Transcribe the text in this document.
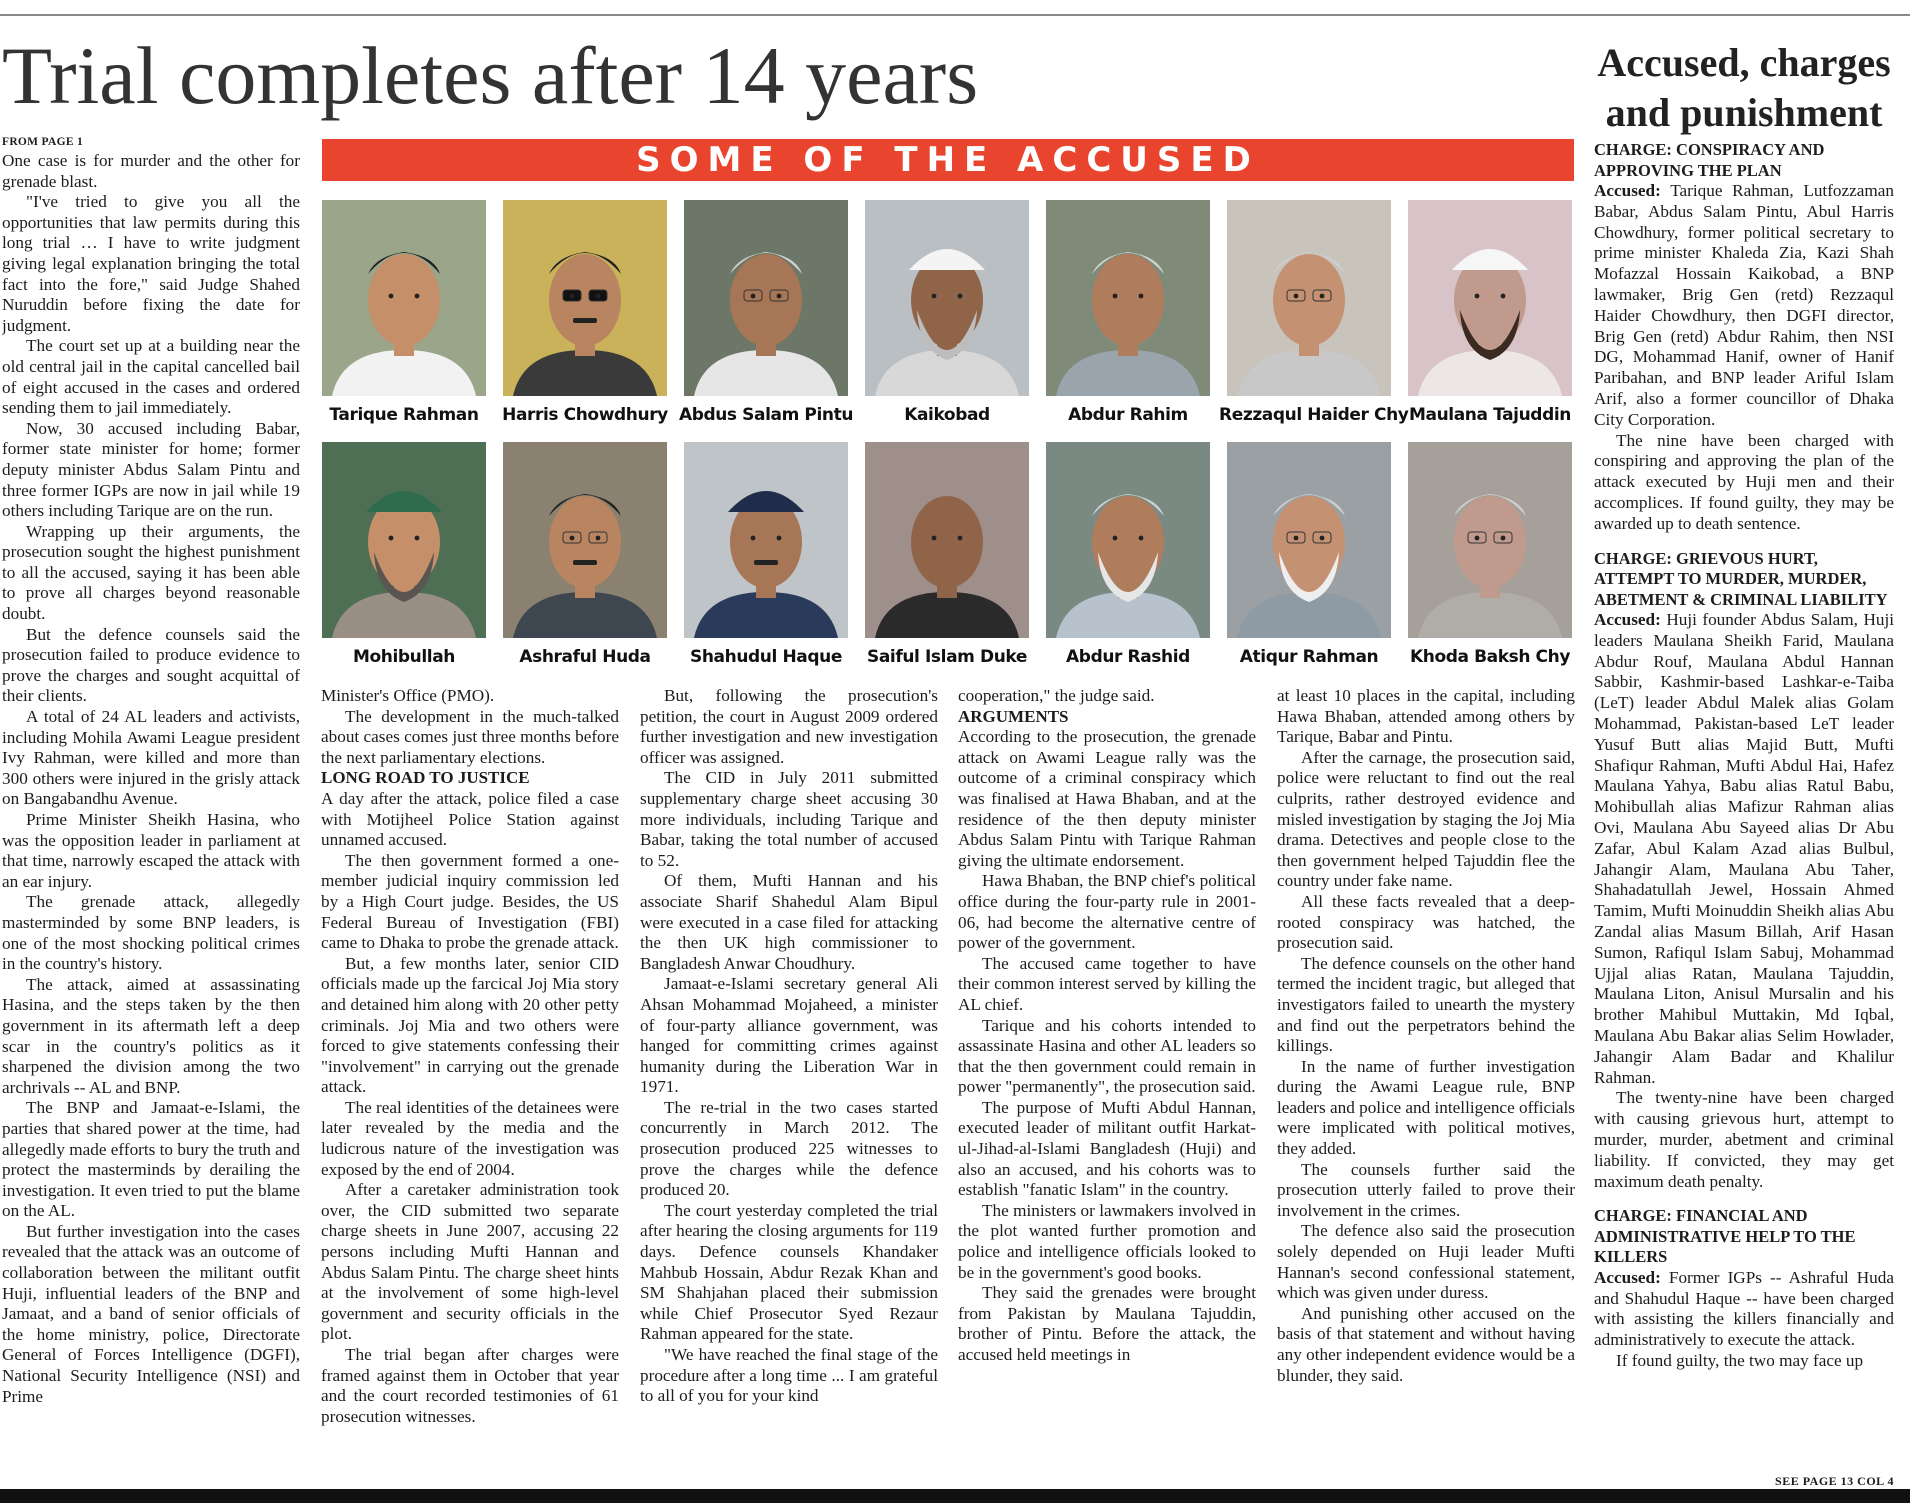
Trial completes after 14 years
FROM PAGE 1

One case is for murder and the other for grenade blast.

"I've tried to give you all the opportunities that law permits during this long trial … I have to write judgment giving legal explanation bringing the total fact into the fore," said Judge Shahed Nuruddin before fixing the date for judgment.

The court set up at a building near the old central jail in the capital cancelled bail of eight accused in the cases and ordered sending them to jail immediately.

Now, 30 accused including Babar, former state minister for home; former deputy minister Abdus Salam Pintu and three former IGPs are now in jail while 19 others including Tarique are on the run.

Wrapping up their arguments, the prosecution sought the highest punishment to all the accused, saying it has been able to prove all charges beyond reasonable doubt.

But the defence counsels said the prosecution failed to produce evidence to prove the charges and sought acquittal of their clients.

A total of 24 AL leaders and activists, including Mohila Awami League president Ivy Rahman, were killed and more than 300 others were injured in the grisly attack on Bangabandhu Avenue.

Prime Minister Sheikh Hasina, who was the opposition leader in parliament at that time, narrowly escaped the attack with an ear injury.

The grenade attack, allegedly masterminded by some BNP leaders, is one of the most shocking political crimes in the country's history.

The attack, aimed at assassinating Hasina, and the steps taken by the then government in its aftermath left a deep scar in the country's politics as it sharpened the division among the two archrivals -- AL and BNP.

The BNP and Jamaat-e-Islami, the parties that shared power at the time, had allegedly made efforts to bury the truth and protect the masterminds by derailing the investigation. It even tried to put the blame on the AL.

But further investigation into the cases revealed that the attack was an outcome of collaboration between the militant outfit Huji, influential leaders of the BNP and Jamaat, and a band of senior officials of the home ministry, police, Directorate General of Forces Intelligence (DGFI), National Security Intelligence (NSI) and Prime

SOME OF THE ACCUSED
Tarique Rahman	Harris Chowdhury Abdus Salam Pintu	Kaikobad	Abdur Rahim	Rezzaqul Haider Chy Maulana Tajuddin
Mohibullah	Ashraful Huda	Shahudul Haque	Saiful Islam Duke	Abdur Rashid	Atiqur Rahman	Khoda Baksh Chy

Minister's Office (PMO).

The development in the much-talked about cases comes just three months before the next parliamentary elections.

LONG ROAD TO JUSTICE

A day after the attack, police filed a case with Motijheel Police Station against unnamed accused.

The then government formed a one-member judicial inquiry commission led by a High Court judge. Besides, the US Federal Bureau of Investigation (FBI) came to Dhaka to probe the grenade attack.

But, a few months later, senior CID officials made up the farcical Joj Mia story and detained him along with 20 other petty criminals. Joj Mia and two others were forced to give statements confessing their "involvement" in carrying out the grenade attack.

The real identities of the detainees were later revealed by the media and the ludicrous nature of the investigation was exposed by the end of 2004.

After a caretaker administration took over, the CID submitted two separate charge sheets in June 2007, accusing 22 persons including Mufti Hannan and Abdus Salam Pintu. The charge sheet hints at the involvement of some high-level government and security officials in the plot.

The trial began after charges were framed against them in October that year and the court recorded testimonies of 61 prosecution witnesses.

But, following the prosecution's petition, the court in August 2009 ordered further investigation and new investigation officer was assigned.

The CID in July 2011 submitted supplementary charge sheet accusing 30 more individuals, including Tarique and Babar, taking the total number of accused to 52.

Of them, Mufti Hannan and his associate Sharif Shahedul Alam Bipul were executed in a case filed for attacking the then UK high commissioner to Bangladesh Anwar Choudhury.

Jamaat-e-Islami secretary general Ali Ahsan Mohammad Mojaheed, a minister of four-party alliance government, was hanged for committing crimes against humanity during the Liberation War in 1971.

The re-trial in the two cases started concurrently in March 2012. The prosecution produced 225 witnesses to prove the charges while the defence produced 20.

The court yesterday completed the trial after hearing the closing arguments for 119 days. Defence counsels Khandaker Mahbub Hossain, Abdur Rezak Khan and SM Shahjahan placed their submission while Chief Prosecutor Syed Rezaur Rahman appeared for the state.

"We have reached the final stage of the procedure after a long time ... I am grateful to all of you for your kind

cooperation," the judge said.

ARGUMENTS

According to the prosecution, the grenade attack on Awami League rally was the outcome of a criminal conspiracy which was finalised at Hawa Bhaban, and at the residence of the then deputy minister Abdus Salam Pintu with Tarique Rahman giving the ultimate endorsement.

Hawa Bhaban, the BNP chief's political office during the four-party rule in 2001-06, had become the alternative centre of power of the government.

The accused came together to have their common interest served by killing the AL chief.

Tarique and his cohorts intended to assassinate Hasina and other AL leaders so that the then government could remain in power "permanently", the prosecution said.

The purpose of Mufti Abdul Hannan, executed leader of militant outfit Harkat-ul-Jihad-al-Islami Bangladesh (Huji) and also an accused, and his cohorts was to establish "fanatic Islam" in the country.

The ministers or lawmakers involved in the plot wanted further promotion and police and intelligence officials looked to be in the government's good books.

They said the grenades were brought from Pakistan by Maulana Tajuddin, brother of Pintu. Before the attack, the accused held meetings in

at least 10 places in the capital, including Hawa Bhaban, attended among others by Tarique, Babar and Pintu.

After the carnage, the prosecution said, police were reluctant to find out the real culprits, rather destroyed evidence and misled investigation by staging the Joj Mia drama. Detectives and people close to the then government helped Tajuddin flee the country under fake name.

All these facts revealed that a deep-rooted conspiracy was hatched, the prosecution said.

The defence counsels on the other hand termed the incident tragic, but alleged that investigators failed to unearth the mystery and find out the perpetrators behind the killings.

In the name of further investigation during the Awami League rule, BNP leaders and police and intelligence officials were implicated with political motives, they added.

The counsels further said the prosecution utterly failed to prove their involvement in the crimes.

The defence also said the prosecution solely depended on Huji leader Mufti Hannan's second confessional statement, which was given under duress.

And punishing other accused on the basis of that statement and without having any other independent evidence would be a blunder, they said.

Accused, charges and punishment
CHARGE: CONSPIRACY AND APPROVING THE PLAN

Accused: Tarique Rahman, Lutfozzaman Babar, Abdus Salam Pintu, Abul Harris Chowdhury, former political secretary to prime minister Khaleda Zia, Kazi Shah Mofazzal Hossain Kaikobad, a BNP lawmaker, Brig Gen (retd) Rezzaqul Haider Chowdhury, then DGFI director, Brig Gen (retd) Abdur Rahim, then NSI DG, Mohammad Hanif, owner of Hanif Paribahan, and BNP leader Ariful Islam Arif, also a former councillor of Dhaka City Corporation.

The nine have been charged with conspiring and approving the plan of the attack executed by Huji men and their accomplices. If found guilty, they may be awarded up to death sentence.

CHARGE: GRIEVOUS HURT, ATTEMPT TO MURDER, MURDER, ABETMENT & CRIMINAL LIABILITY

Accused: Huji founder Abdus Salam, Huji leaders Maulana Sheikh Farid, Maulana Abdur Rouf, Maulana Abdul Hannan Sabbir, Kashmir-based Lashkar-e-Taiba (LeT) leader Abdul Malek alias Golam Mohammad, Pakistan-based LeT leader Yusuf Butt alias Majid Butt, Mufti Shafiqur Rahman, Mufti Abdul Hai, Hafez Maulana Yahya, Babu alias Ratul Babu, Mohibullah alias Mafizur Rahman alias Ovi, Maulana Abu Sayeed alias Dr Abu Zafar, Abul Kalam Azad alias Bulbul, Jahangir Alam, Maulana Abu Taher, Shahadatullah Jewel, Hossain Ahmed Tamim, Mufti Moinuddin Sheikh alias Abu Zandal alias Masum Billah, Arif Hasan Sumon, Rafiqul Islam Sabuj, Mohammad Ujjal alias Ratan, Maulana Tajuddin, Maulana Liton, Anisul Mursalin and his brother Mahibul Muttakin, Md Iqbal, Maulana Abu Bakar alias Selim Howlader, Jahangir Alam Badar and Khalilur Rahman.

The twenty-nine have been charged with causing grievous hurt, attempt to murder, murder, abetment and criminal liability. If convicted, they may get maximum death penalty.

CHARGE: FINANCIAL AND ADMINISTRATIVE HELP TO THE KILLERS

Accused: Former IGPs -- Ashraful Huda and Shahudul Haque -- have been charged with assisting the killers financially and administratively to execute the attack.

If found guilty, the two may face up

SEE PAGE 13 COL 4
